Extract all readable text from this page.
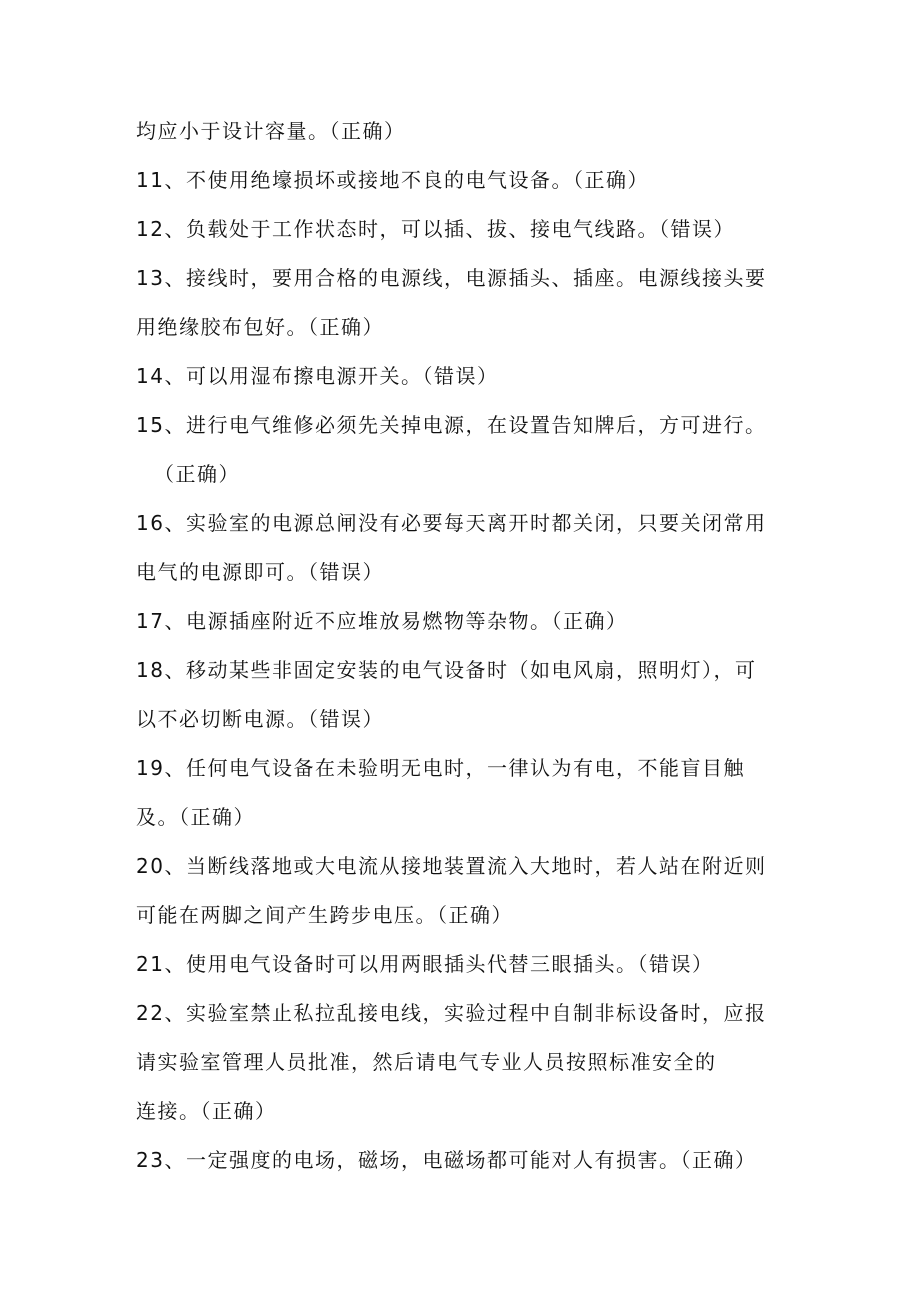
均应小于设计容量。（正确）
11、不使用绝壕损坏或接地不良的电气设备。（正确）
12、负载处于工作状态时，可以插、拔、接电气线路。（错误）
13、接线时，要用合格的电源线，电源插头、插座。电源线接头要
用绝缘胶布包好。（正确）
14、可以用湿布擦电源开关。（错误）
15、进行电气维修必须先关掉电源，在设置告知牌后，方可进行。
（正确）
16、实验室的电源总闸没有必要每天离开时都关闭，只要关闭常用
电气的电源即可。（错误）
17、电源插座附近不应堆放易燃物等杂物。（正确）
18、移动某些非固定安装的电气设备时（如电风扇，照明灯），可
以不必切断电源。（错误）
19、任何电气设备在未验明无电时，一律认为有电，不能盲目触
及。（正确）
20、当断线落地或大电流从接地装置流入大地时，若人站在附近则
可能在两脚之间产生跨步电压。（正确）
21、使用电气设备时可以用两眼插头代替三眼插头。（错误）
22、实验室禁止私拉乱接电线，实验过程中自制非标设备时，应报
请实验室管理人员批准，然后请电气专业人员按照标准安全的
连接。（正确）
23、一定强度的电场，磁场，电磁场都可能对人有损害。（正确）
